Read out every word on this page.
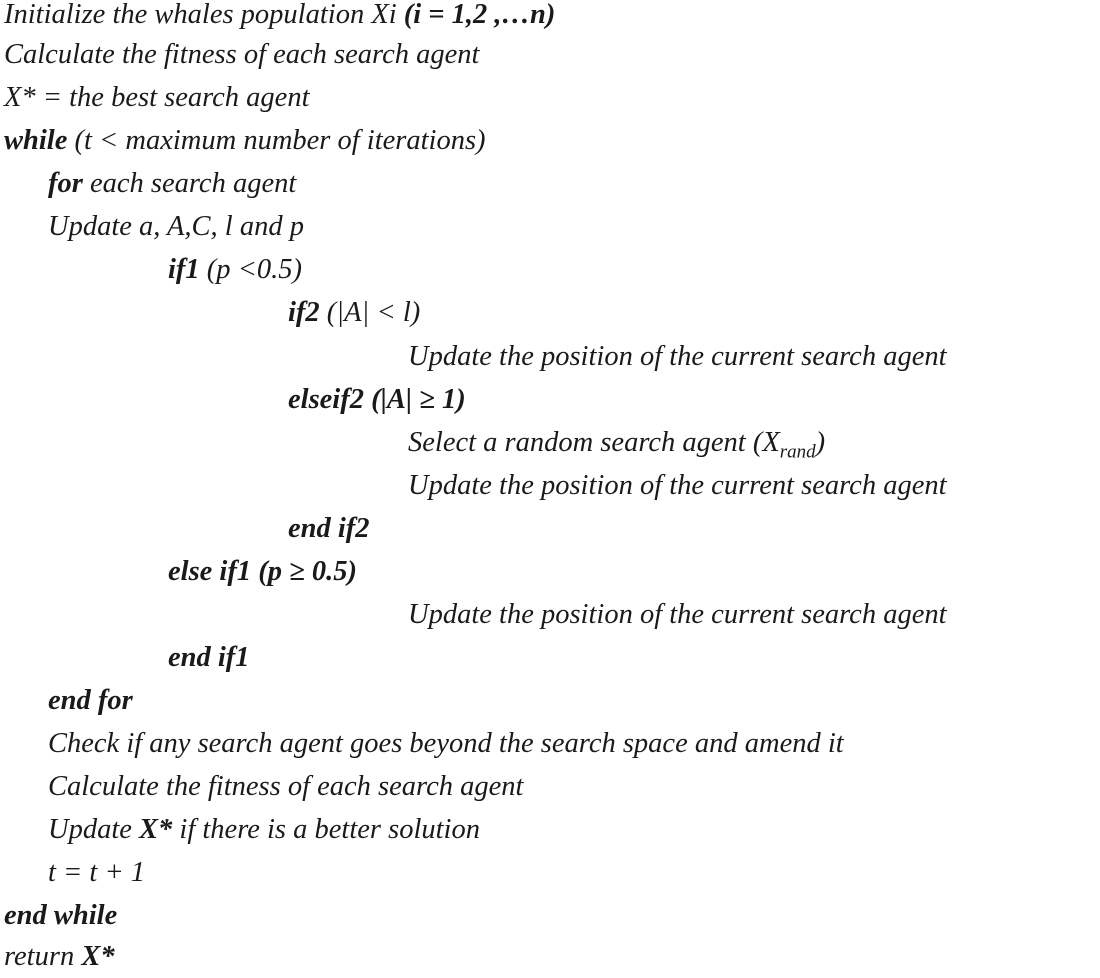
Initialize the whales population Xi (i = 1,2 ,…n)
Calculate the fitness of each search agent
X* = the best search agent
while (t < maximum number of iterations)
for each search agent
Update a, A,C, l and p
if1 (p <0.5)
if2 (|A| < l)
Update the position of the current search agent
elseif2 (|A| ≥ 1)
Select a random search agent $(X_{rand})$
Update the position of the current search agent
end if2
else if1 (p ≥ 0.5)
Update the position of the current search agent
end if1
end for
Check if any search agent goes beyond the search space and amend it
Calculate the fitness of each search agent
Update X* if there is a better solution
t = t + 1
end while
return X*
